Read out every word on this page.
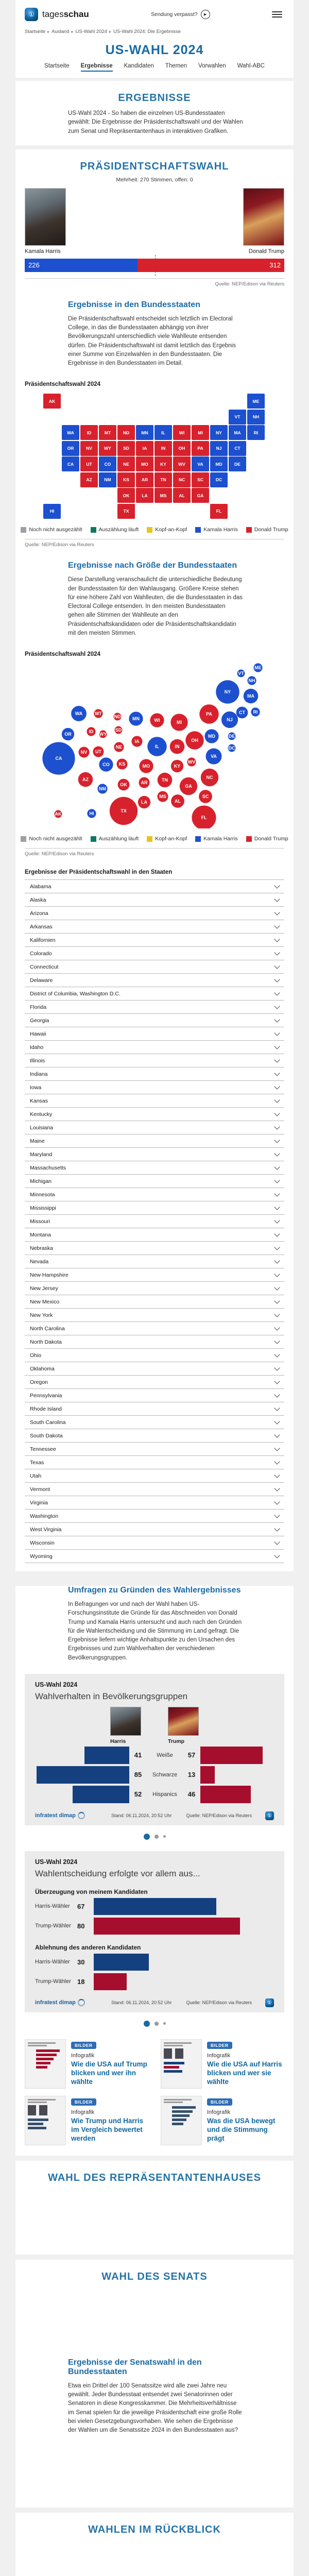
① tagesschau	Sendung verpasst?	▶
Startseite ▸ Ausland ▸ US-Wahl 2024 ▸ US-Wahl 2024: Die Ergebnisse
US-WAHL 2024
Startseite Ergebnisse Kandidaten Themen Vorwahlen Wahl-ABC
ERGEBNISSE

US-Wahl 2024 - So haben die einzelnen US-Bundesstaaten gewählt: Die Ergebnisse der Präsidentschaftswahl und der Wahlen zum Senat und Repräsentantenhaus in interaktiven Grafiken.

PRÄSIDENTSCHAFTSWAHL
Mehrheit: 270 Stimmen, offen: 0
Kamala Harris	Donald Trump
226	312
Quelle: NEP/Edison via Reuters
Ergebnisse in den Bundesstaaten

Die Präsidentschaftswahl entscheidet sich letztlich im Electoral College, in das die Bundesstaaten abhängig von ihrer Bevölkerungszahl unterschiedlich viele Wahlleute entsenden dürfen. Die Präsidentschaftswahl ist damit letztlich das Ergebnis einer Summe von Einzelwahlen in den Bundesstaaten. Die Ergebnisse in den Bundesstaaten im Detail.

Präsidentschaftswahl 2024
AL
AK
AZ	AR
CA	CO
CT
DE
DC
FL
GA
HI
ID	IL
IN
IA
KS
KY
LA
ME
MD
MA
MI
MN
MS
MO
MT
NE
NV
NH
NJ
NM
NY
NC
ND
OH
OK
OR	PA
RI
SC
SD
TN
TX
UT
VT
VA
WA
WV
WI
WY
Noch nicht ausgezählt	Auszählung läuft	Kopf-an-Kopf	Kamala Harris	Donald Trump
Quelle: NEP/Edison via Reuters
Ergebnisse nach Größe der Bundesstaaten

Diese Darstellung veranschaulicht die unterschiedliche Bedeutung der Bundesstaaten für den Wahlausgang. Größere Kreise stehen für eine höhere Zahl von Wahlleuten, die die Bundesstaaten in das Electoral College entsenden. In den meisten Bundesstaaten gehen alle Stimmen der Wahlleute an den Präsidentschaftskandidaten oder die Präsidentschaftskandidatin mit den meisten Stimmen.

Präsidentschaftswahl 2024
AL
AK
AZ
AR
CA
CO
CT
DE
DC
FL
GA
HI
ID
IL	IN
IA
KS	KY
LA
ME
MD
MA
MI
MN
MS
MO
MT
NE
NV
NH
NJ
NM
NY
NC
ND
OH
OK
OR
PA	RI
SC
SD
TN
TX
UT
VT
VA
WA
WV
WI
WY
Noch nicht ausgezählt	Auszählung läuft	Kopf-an-Kopf	Kamala Harris	Donald Trump
Quelle: NEP/Edison via Reuters
Ergebnisse der Präsidentschaftswahl in den Staaten
Alabama
Alaska
Arizona
Arkansas
Kalifornien
Colorado
Connecticut
Delaware
District of Columbia, Washington D.C.
Florida
Georgia
Hawaii
Idaho
Illinois
Indiana
Iowa
Kansas
Kentucky
Louisiana
Maine
Maryland
Massachusetts
Michigan
Minnesota
Mississippi
Missouri
Montana
Nebraska
Nevada
New Hampshire
New Jersey
New Mexico
New York
North Carolina
North Dakota
Ohio
Oklahoma
Oregon
Pennsylvania
Rhode Island
South Carolina
South Dakota
Tennessee
Texas
Utah
Vermont
Virginia
Washington
West Virginia
Wisconsin
Wyoming
Umfragen zu Gründen des Wahlergebnisses

In Befragungen vor und nach der Wahl haben US-Forschungsinstitute die Gründe für das Abschneiden von Donald Trump und Kamala Harris untersucht und auch nach den Gründen für die Wahlentscheidung und die Stimmung im Land gefragt. Die Ergebnisse liefern wichtige Anhaltspunkte zu den Ursachen des Ergebnisses und zum Wahlverhalten der verschiedenen Bevölkerungsgruppen.

US-Wahl 2024
Wahlverhalten in Bevölkerungsgruppen
Harris	Trump
41	Weiße	57
85	Schwarze	13
52	Hispanics	46
infratest dimap	Stand: 06.11.2024, 20:52 Uhr	Quelle: NEP/Edison via Reuters	①
US-Wahl 2024
Wahlentscheidung erfolgte vor allem aus...
Überzeugung von meinem Kandidaten
Harris-Wähler	67
Trump-Wähler 80
Ablehnung des anderen Kandidaten
Harris-Wähler	30
Trump-Wähler 18
infratest dimap	Stand: 06.11.2024, 20:52 Uhr	Quelle: NEP/Edison via Reuters	①
BILDER
Infografik
Wie die USA auf Trump blicken und wer ihn wählte
BILDER
Infografik
Wie die USA auf Harris blicken und wer sie wählte
BILDER
Infografik
Wie Trump und Harris im Vergleich bewertet werden
BILDER
Infografik
Was die USA bewegt und die Stimmung prägt
WAHL DES REPRÄSENTANTENHAUSES
WAHL DES SENATS
Ergebnisse der Senatswahl in den Bundesstaaten

Etwa ein Drittel der 100 Senatssitze wird alle zwei Jahre neu gewählt. Jeder Bundesstaat entsendet zwei Senatorinnen oder Senatoren in diese Kongresskammer. Die Mehrheitsverhältnisse im Senat spielen für die jeweilige Präsidentschaft eine große Rolle bei vielen Gesetzgebungsvorhaben. Wie sehen die Ergebnisse der Wahlen um die Senatssitze 2024 in den Bundesstaaten aus?

WAHLEN IM RÜCKBLICK
